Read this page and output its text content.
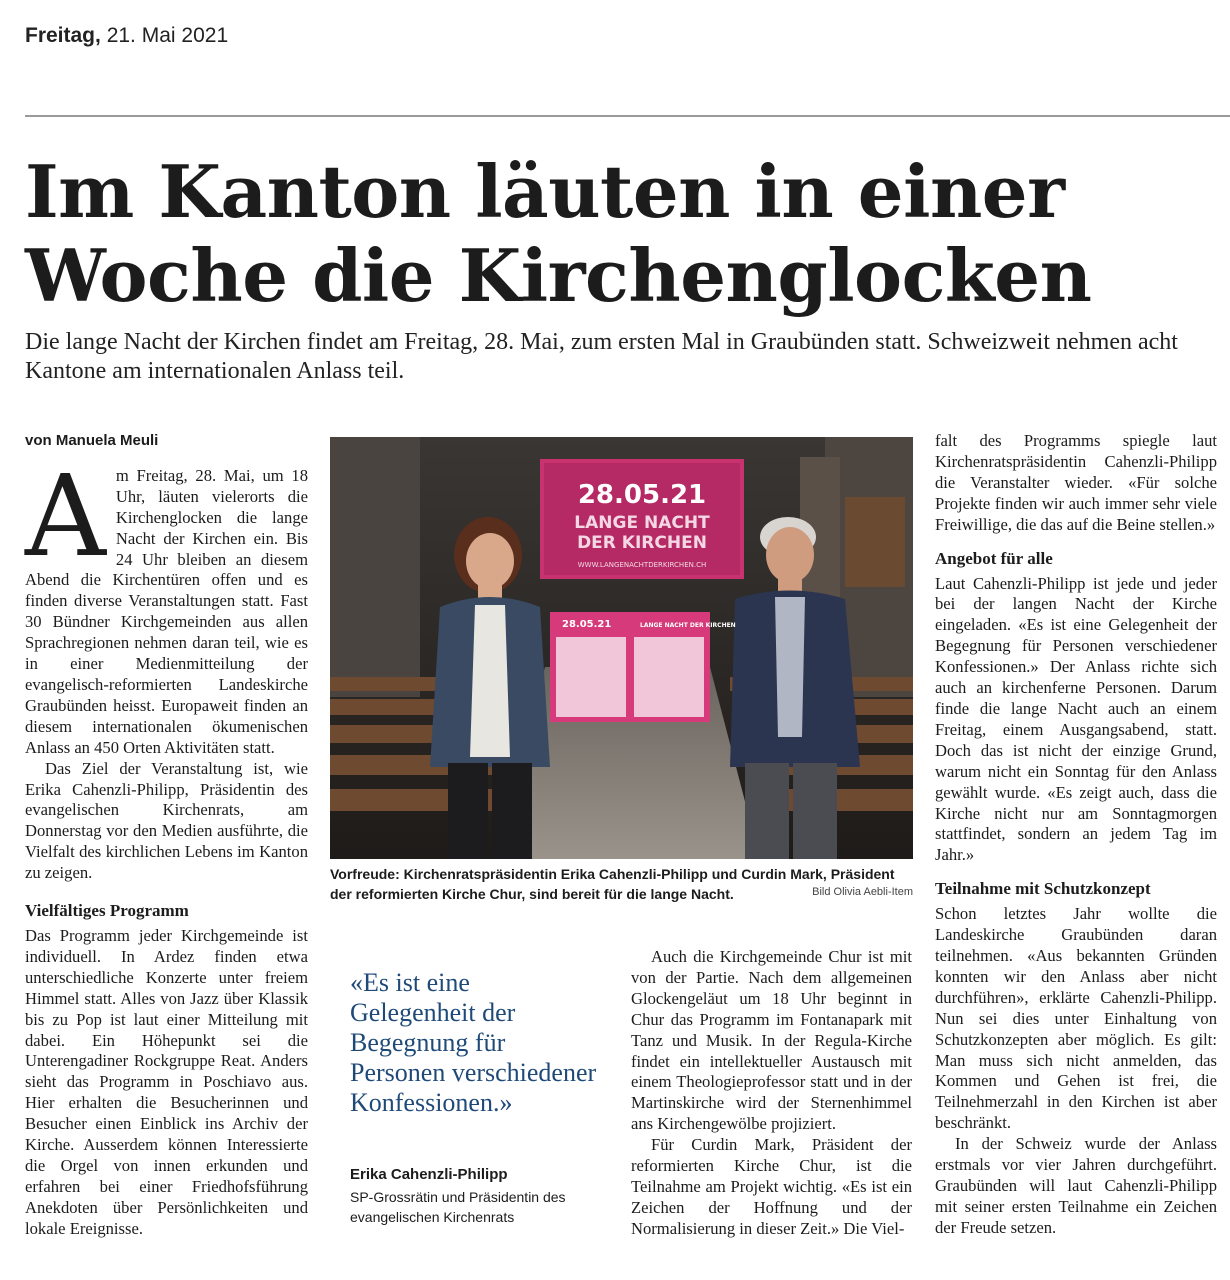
Freitag, 21. Mai 2021
Im Kanton läuten in einer Woche die Kirchenglocken

Die lange Nacht der Kirchen findet am Freitag, 28. Mai, zum ersten Mal in Graubünden statt. Schweizweit nehmen acht Kantone am internationalen Anlass teil.

von Manuela Meuli
A m Freitag, 28. Mai, um 18 Uhr, läuten vielerorts die Kirchenglocken die lange Nacht der Kirchen ein. Bis 24 Uhr bleiben an diesem Abend die Kirchentüren offen und es finden diverse Veranstaltungen statt. Fast 30 Bündner Kirchgemeinden aus allen Sprachregionen nehmen daran teil, wie es in einer Medienmitteilung der evangelisch-reformierten Landeskirche Graubünden heisst. Europaweit finden an diesem internationalen ökumenischen Anlass an 450 Orten Aktivitäten statt.

Das Ziel der Veranstaltung ist, wie Erika Cahenzli-Philipp, Präsidentin des evangelischen Kirchenrats, am Donnerstag vor den Medien ausführte, die Vielfalt des kirchlichen Lebens im Kanton zu zeigen.

Vielfältiges Programm

Das Programm jeder Kirchgemeinde ist individuell. In Ardez finden etwa unterschiedliche Konzerte unter freiem Himmel statt. Alles von Jazz über Klassik bis zu Pop ist laut einer Mitteilung mit dabei. Ein Höhepunkt sei die Unterengadiner Rockgruppe Reat. Anders sieht das Programm in Poschiavo aus. Hier erhalten die Besucherinnen und Besucher einen Einblick ins Archiv der Kirche. Ausserdem können Interessierte die Orgel von innen erkunden und erfahren bei einer Friedhofsführung Anekdoten über Persönlichkeiten und lokale Ereignisse.

28.05.21
LANGE NACHT
DER KIRCHEN
WWW.LANGENACHTDERKIRCHEN.CH
28.05.21	LANGE NACHT DER KIRCHEN
Vorfreude: Kirchenratspräsidentin Erika Cahenzli-Philipp und Curdin Mark, Präsident der reformierten Kirche Chur, sind bereit für die lange Nacht.	Bild Olivia Aebli-Item

«Es ist eine Gelegenheit der Begegnung für Personen verschiedener Konfessionen.»

Erika Cahenzli-Philipp
SP-Grossrätin und Präsidentin des evangelischen Kirchenrats

Auch die Kirchgemeinde Chur ist mit von der Partie. Nach dem allgemeinen Glockengeläut um 18 Uhr beginnt in Chur das Programm im Fontanapark mit Tanz und Musik. In der Regula-Kirche findet ein intellektueller Austausch mit einem Theologieprofessor statt und in der Martinskirche wird der Sternenhimmel ans Kirchengewölbe projiziert.

Für Curdin Mark, Präsident der reformierten Kirche Chur, ist die Teilnahme am Projekt wichtig. «Es ist ein Zeichen der Hoffnung und der Normalisierung in dieser Zeit.» Die Viel-

falt des Programms spiegle laut Kirchenratspräsidentin Cahenzli-Philipp die Veranstalter wieder. «Für solche Projekte finden wir auch immer sehr viele Freiwillige, die das auf die Beine stellen.»

Angebot für alle

Laut Cahenzli-Philipp ist jede und jeder bei der langen Nacht der Kirche eingeladen. «Es ist eine Gelegenheit der Begegnung für Personen verschiedener Konfessionen.» Der Anlass richte sich auch an kirchenferne Personen. Darum finde die lange Nacht auch an einem Freitag, einem Ausgangsabend, statt. Doch das ist nicht der einzige Grund, warum nicht ein Sonntag für den Anlass gewählt wurde. «Es zeigt auch, dass die Kirche nicht nur am Sonntagmorgen stattfindet, sondern an jedem Tag im Jahr.»

Teilnahme mit Schutzkonzept

Schon letztes Jahr wollte die Landeskirche Graubünden daran teilnehmen. «Aus bekannten Gründen konnten wir den Anlass aber nicht durchführen», erklärte Cahenzli-Philipp. Nun sei dies unter Einhaltung von Schutzkonzepten aber möglich. Es gilt: Man muss sich nicht anmelden, das Kommen und Gehen ist frei, die Teilnehmerzahl in den Kirchen ist aber beschränkt.

In der Schweiz wurde der Anlass erstmals vor vier Jahren durchgeführt. Graubünden will laut Cahenzli-Philipp mit seiner ersten Teilnahme ein Zeichen der Freude setzen.
